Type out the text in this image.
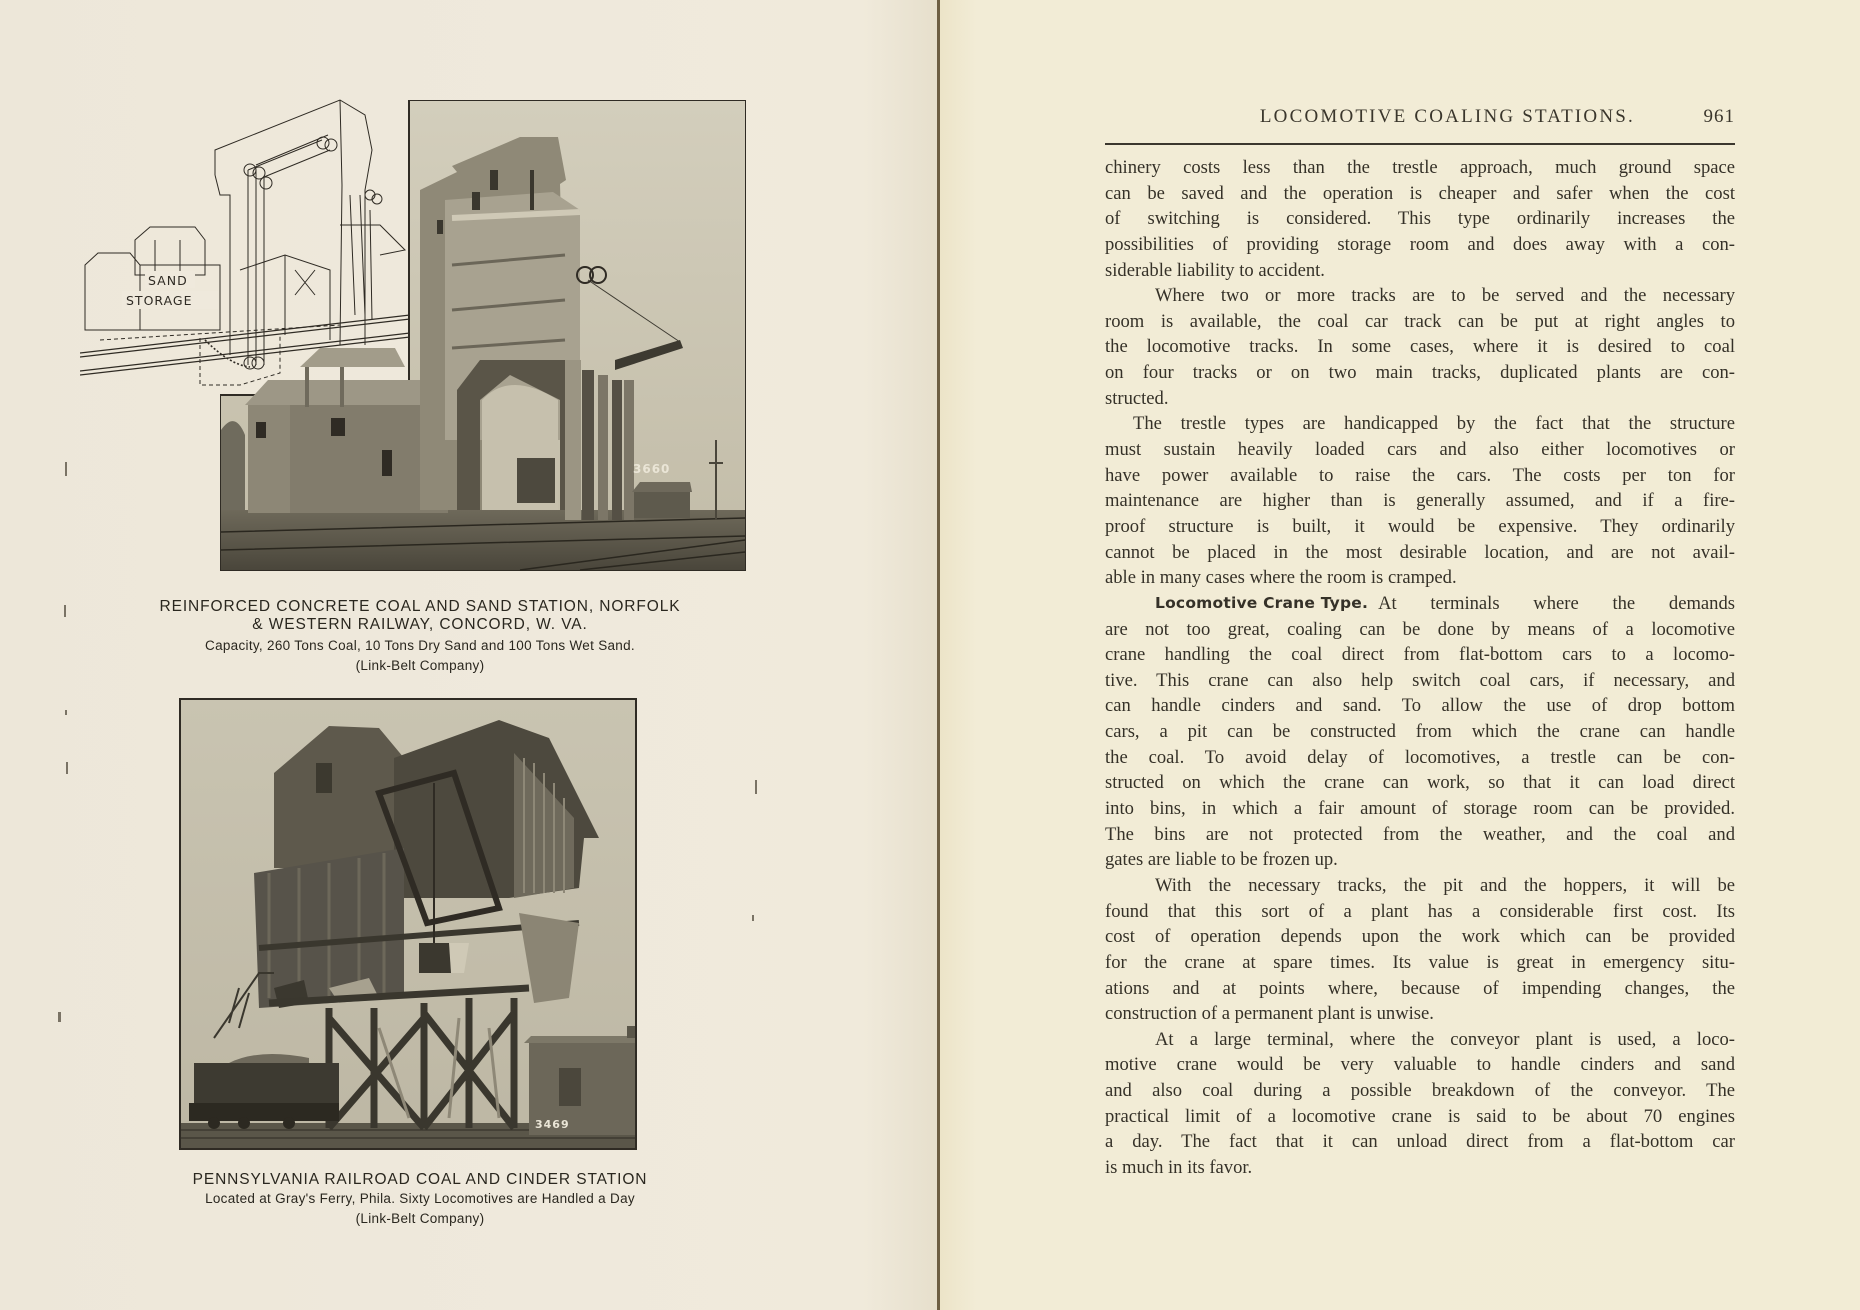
3660
SAND
STORAGE
REINFORCED CONCRETE COAL AND SAND STATION, NORFOLK
& WESTERN RAILWAY, CONCORD, W. VA.
Capacity, 260 Tons Coal, 10 Tons Dry Sand and 100 Tons Wet Sand.
(Link-Belt Company)
3469
PENNSYLVANIA RAILROAD COAL AND CINDER STATION
Located at Gray's Ferry, Phila. Sixty Locomotives are Handled a Day
(Link-Belt Company)
LOCOMOTIVE COALING STATIONS.	961
chinery costs less than the trestle approach, much ground space
can be saved and the operation is cheaper and safer when the cost
of switching is considered. This type ordinarily increases the
possibilities of providing storage room and does away with a con-
siderable liability to accident.
Where two or more tracks are to be served and the necessary
room is available, the coal car track can be put at right angles to
the locomotive tracks. In some cases, where it is desired to coal
on four tracks or on two main tracks, duplicated plants are con-
structed.
The trestle types are handicapped by the fact that the structure
must sustain heavily loaded cars and also either locomotives or
have power available to raise the cars. The costs per ton for
maintenance are higher than is generally assumed, and if a fire-
proof structure is built, it would be expensive. They ordinarily
cannot be placed in the most desirable location, and are not avail-
able in many cases where the room is cramped.
Locomotive Crane Type. At terminals where the demands
are not too great, coaling can be done by means of a locomotive
crane handling the coal direct from flat-bottom cars to a locomo-
tive. This crane can also help switch coal cars, if necessary, and
can handle cinders and sand. To allow the use of drop bottom
cars, a pit can be constructed from which the crane can handle
the coal. To avoid delay of locomotives, a trestle can be con-
structed on which the crane can work, so that it can load direct
into bins, in which a fair amount of storage room can be provided.
The bins are not protected from the weather, and the coal and
gates are liable to be frozen up.
With the necessary tracks, the pit and the hoppers, it will be
found that this sort of a plant has a considerable first cost. Its
cost of operation depends upon the work which can be provided
for the crane at spare times. Its value is great in emergency situ-
ations and at points where, because of impending changes, the
construction of a permanent plant is unwise.
At a large terminal, where the conveyor plant is used, a loco-
motive crane would be very valuable to handle cinders and sand
and also coal during a possible breakdown of the conveyor. The
practical limit of a locomotive crane is said to be about 70 engines
a day. The fact that it can unload direct from a flat-bottom car
is much in its favor.
